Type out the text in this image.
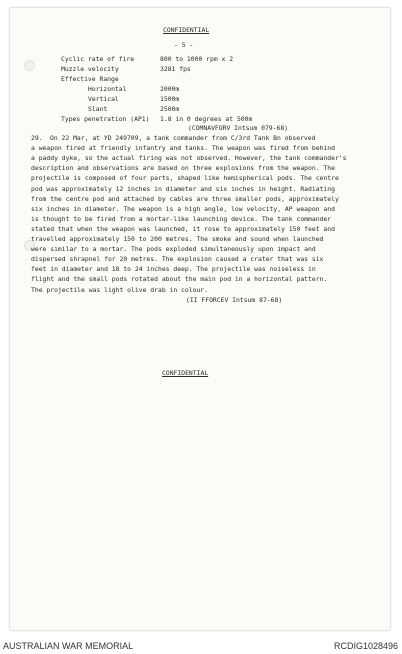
CONFIDENTIAL
- 5 -
Cyclic rate of fire	800 to 1000 rpm x 2
Muzzle velocity	3281 fps
Effective Range
Horizontal	2000m
Vertical	1500m
Slant	2500m
Types penetration (AP1) 1.8 in 0 degrees at 500m
(COMNAVFORV Intsum 079-68)
29. On 22 Mar, at YD 249709, a tank commander from C/3rd Tank Bn observed
a weapon fired at friendly infantry and tanks. The weapon was fired from behind
a paddy dyke, so the actual firing was not observed. However, the tank commander's
description and observations are based on three explosions from the weapon. The
projectile is composed of four parts, shaped like hemispherical pods. The centre
pod was approximately 12 inches in diameter and six inches in height. Radiating
from the centre pod and attached by cables are three smaller pods, approximately
six inches in diameter. The weapon is a high angle, low velocity, AP weapon and
is thought to be fired from a mortar-like launching device. The tank commander
stated that when the weapon was launched, it rose to approximately 150 feet and
travelled approximately 150 to 200 metres. The smoke and sound when launched
were similar to a mortar. The pods exploded simultaneously upon impact and
dispersed shrapnel for 20 metres. The explosion caused a crater that was six
feet in diameter and 18 to 24 inches deep. The projectile was noiseless in
flight and the small pods rotated about the main pod in a horizontal pattern.
The projectile was light olive drab in colour.
(II FFORCEV Intsum 87-68)
CONFIDENTIAL
AUSTRALIAN WAR MEMORIAL	RCDIG1028496
